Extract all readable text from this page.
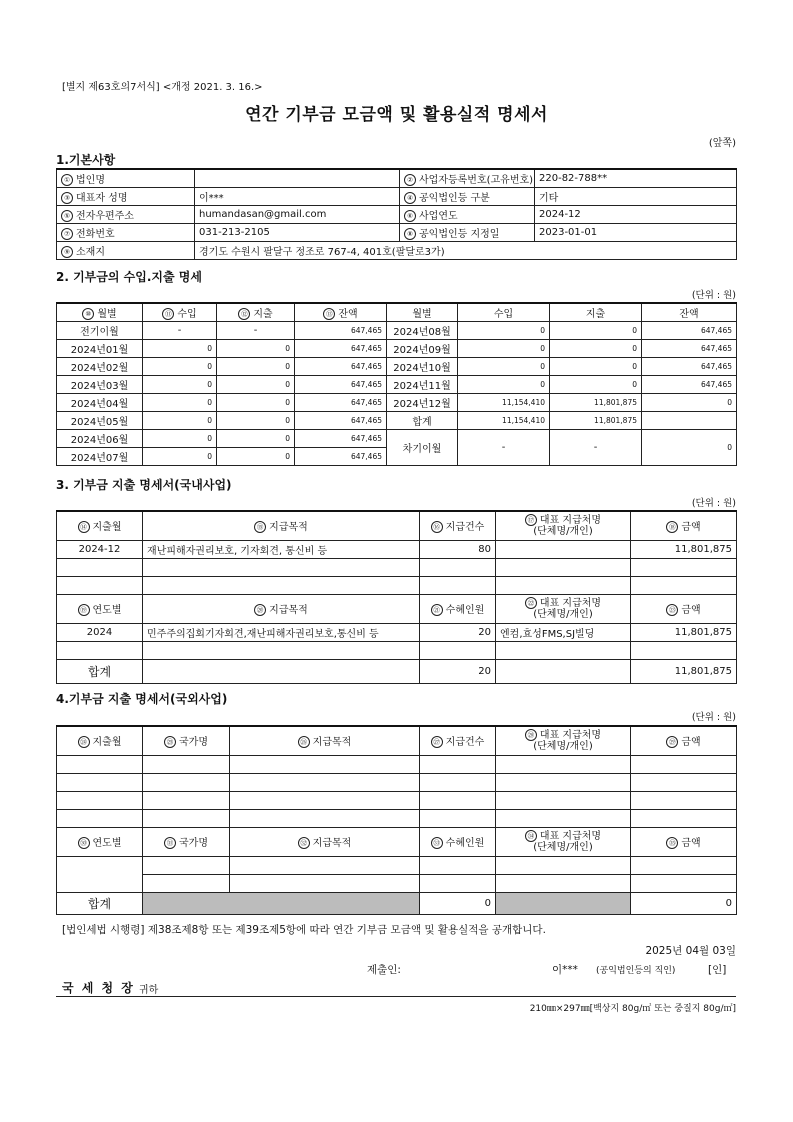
[별지 제63호의7서식] <개정 2021. 3. 16.>
연간 기부금 모금액 및 활용실적 명세서
(앞쪽)
1.기본사항
① 법인명		② 사업자등록번호(고유번호)	220-82-788**
③ 대표자 성명	이***	④ 공익법인등 구분	기타
⑤ 전자우편주소	humandasan@gmail.com	⑥ 사업연도	2024-12
⑦ 전화번호	031-213-2105	⑧ 공익법인등 지정일	2023-01-01
⑨ 소재지	경기도 수원시 팔달구 정조로 767-4, 401호(팔달로3가)		
2. 기부금의 수입.지출 명세
(단위 : 원)
⑩ 월별	⑪ 수입	⑫ 지출	⑬ 잔액	월별	수입	지출	잔액
전기이월	-	-	647,465	2024년08월	0	0	647,465
2024년01월	0	0	647,465	2024년09월	0	0	647,465
2024년02월	0	0	647,465	2024년10월	0	0	647,465
2024년03월	0	0	647,465	2024년11월	0	0	647,465
2024년04월	0	0	647,465	2024년12월	11,154,410	11,801,875	0
2024년05월	0	0	647,465	합계	11,154,410	11,801,875	
2024년06월	0	0	647,465	차기이월	-	-	0
2024년07월	0	0	647,465				
3. 기부금 지출 명세서(국내사업)
(단위 : 원)
⑭ 지출월	⑮ 지급목적	⑯ 지급건수	⑰ 대표 지급처명
(단체명/개인)	⑱ 금액
2024-12	재난피해자권리보호, 기자회견, 통신비 등	80		11,801,875

⑲ 연도별	⑳ 지급목적	㉑ 수혜인원	㉒ 대표 지급처명
(단체명/개인)	㉓ 금액
2024	민주주의집회기자회견,재난피해자권리보호,통신비 등	20	엔컴,효성FMS,SJ빌딩	11,801,875

합계		20		11,801,875
4.기부금 지출 명세서(국외사업)
(단위 : 원)
㉔ 지출월	㉕ 국가명	㉖ 지급목적	㉗ 지급건수	㉘ 대표 지급처명
(단체명/개인)	㉙ 금액

㉚ 연도별	㉛ 국가명	㉜ 지급목적	㉝ 수혜인원	㉞ 대표 지급처명
(단체명/개인)	㉟ 금액

합계			0		0
[법인세법 시행령] 제38조제8항 또는 제39조제5항에 따라 연간 기부금 모금액 및 활용실적을 공개합니다.
2025년 04월 03일
제출인:	이*** (공익법인등의 직인)	[인]
국 세 청 장 귀하
210㎜×297㎜[백상지 80g/㎡ 또는 중질지 80g/㎡]
